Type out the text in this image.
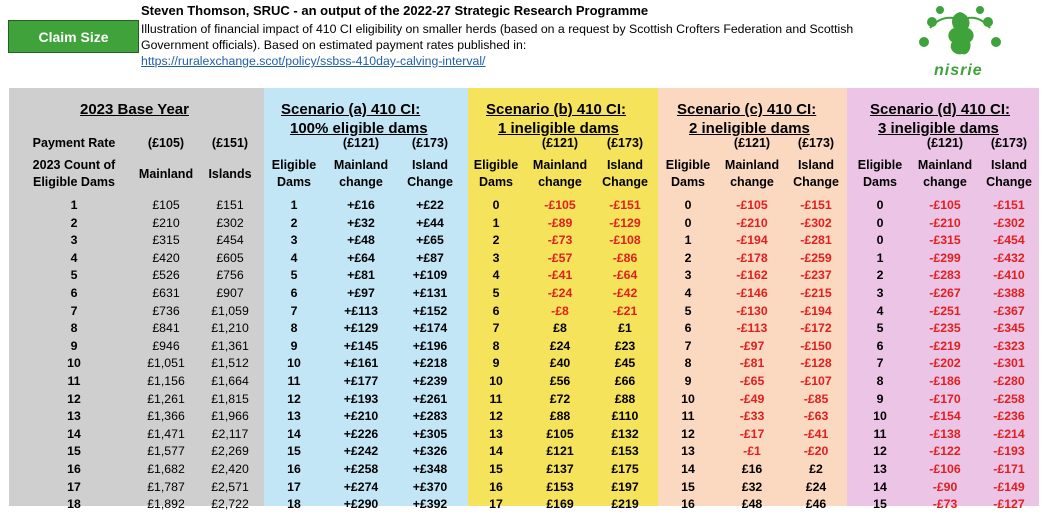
Claim Size
Steven Thomson, SRUC - an output of the 2022-27 Strategic Research Programme
Illustration of financial impact of 410 CI eligibility on smaller herds (based on a request by Scottish Crofters Federation and Scottish Government officials). Based on estimated payment rates published in:
https://ruralexchange.scot/policy/ssbss-410day-calving-interval/
nisrie
2023 Base Year
Payment Rate	(£105)	(£151)
2023 Count of Eligible Dams
Mainland	Islands
1	£105	£151
2	£210	£302
3	£315	£454
4	£420	£605
5	£526	£756
6	£631	£907
7	£736	£1,059
8	£841	£1,210
9	£946	£1,361
10	£1,051	£1,512
11	£1,156	£1,664
12	£1,261	£1,815
13	£1,366	£1,966
14	£1,471	£2,117
15	£1,577	£2,269
16	£1,682	£2,420
17	£1,787	£2,571
18	£1,892	£2,722
Scenario (a) 410 CI:
100% eligible dams
(£121)	(£173)
Eligible Dams
Mainland change
Island Change
1	+£16	+£22
2	+£32	+£44
3	+£48	+£65
4	+£64	+£87
5	+£81	+£109
6	+£97	+£131
7	+£113	+£152
8	+£129	+£174
9	+£145	+£196
10	+£161	+£218
11	+£177	+£239
12	+£193	+£261
13	+£210	+£283
14	+£226	+£305
15	+£242	+£326
16	+£258	+£348
17	+£274	+£370
18	+£290	+£392
Scenario (b) 410 CI:
1 ineligible dams
(£121)	(£173)
Eligible Dams
Mainland change
Island Change
0	-£105	-£151
1	-£89	-£129
2	-£73	-£108
3	-£57	-£86
4	-£41	-£64
5	-£24	-£42
6	-£8	-£21
7	£8	£1
8	£24	£23
9	£40	£45
10	£56	£66
11	£72	£88
12	£88	£110
13	£105	£132
14	£121	£153
15	£137	£175
16	£153	£197
17	£169	£219
Scenario (c) 410 CI:
2 ineligible dams
(£121)	(£173)
Eligible Dams
Mainland change
Island Change
0	-£105	-£151
0	-£210	-£302
1	-£194	-£281
2	-£178	-£259
3	-£162	-£237
4	-£146	-£215
5	-£130	-£194
6	-£113	-£172
7	-£97	-£150
8	-£81	-£128
9	-£65	-£107
10	-£49	-£85
11	-£33	-£63
12	-£17	-£41
13	-£1	-£20
14	£16	£2
15	£32	£24
16	£48	£46
Scenario (d) 410 CI:
3 ineligible dams
(£121)	(£173)
Eligible Dams
Mainland change
Island Change
0	-£105	-£151
0	-£210	-£302
0	-£315	-£454
1	-£299	-£432
2	-£283	-£410
3	-£267	-£388
4	-£251	-£367
5	-£235	-£345
6	-£219	-£323
7	-£202	-£301
8	-£186	-£280
9	-£170	-£258
10	-£154	-£236
11	-£138	-£214
12	-£122	-£193
13	-£106	-£171
14	-£90	-£149
15	-£73	-£127
